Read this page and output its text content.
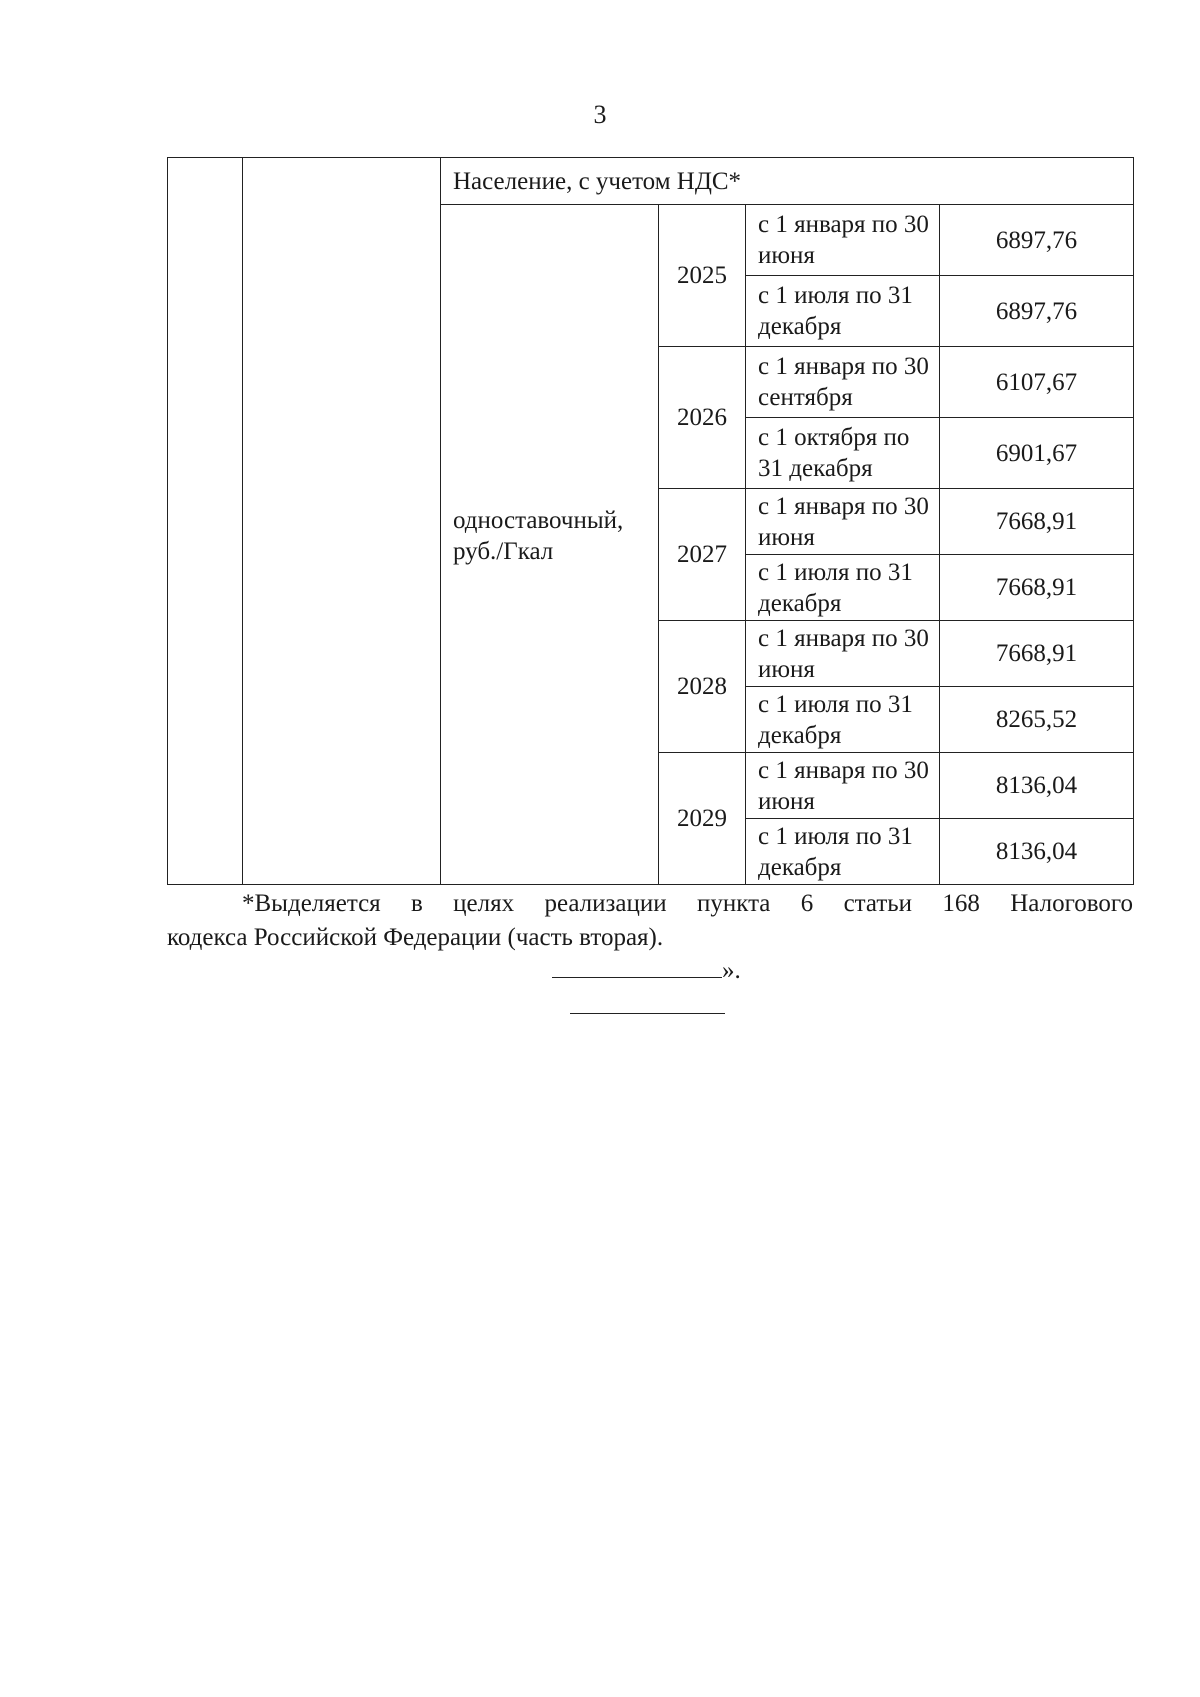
3
		Население, с учетом НДС*			
		одноставочный, руб./Гкал	2025	с 1 января по 30 июня	6897,76
				с 1 июля по 31 декабря	6897,76
			2026	с 1 января по 30 сентября	6107,67
				с 1 октября по 31 декабря	6901,67
			2027	с 1 января по 30 июня	7668,91
				с 1 июля по 31 декабря	7668,91
			2028	с 1 января по 30 июня	7668,91
				с 1 июля по 31 декабря	8265,52
			2029	с 1 января по 30 июня	8136,04
				с 1 июля по 31 декабря	8136,04
*Выделяется в целях реализации пункта 6 статьи 168 Налогового
кодекса Российской Федерации (часть вторая).
».
